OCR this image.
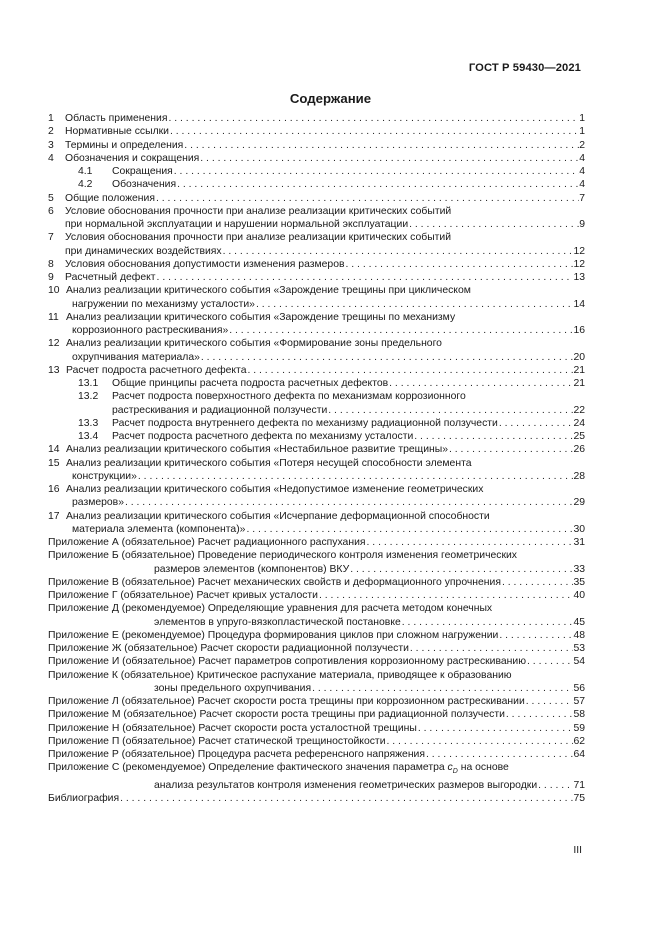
ГОСТ Р 59430—2021
Содержание
1	Область применения . . .	1
2	Нормативные ссылки . . .	1
3	Термины и определения . . .	2
4	Обозначения и сокращения . . .	4
4.1	Сокращения . . .	4
4.2	Обозначения . . .	4
5	Общие положения . . .	7
6	Условие обоснования прочности при анализе реализации критических событий
при нормальной эксплуатации и нарушении нормальной эксплуатации . . .	9
7	Условия обоснования прочности при анализе реализации критических событий
при динамических воздействиях . . .	12
8	Условия обоснования допустимости изменения размеров . . .	12
9	Расчетный дефект . . .	13
10 Анализ реализации критического события «Зарождение трещины при циклическом
нагружении по механизму усталости» . . .	14
11 Анализ реализации критического события «Зарождение трещины по механизму
коррозионного растрескивания» . . .	16
12 Анализ реализации критического события «Формирование зоны предельного
охрупчивания материала» . . .	20
13 Расчет подроста расчетного дефекта . . .	21
13.1	Общие принципы расчета подроста расчетных дефектов . . .	21
13.2	Расчет подроста поверхностного дефекта по механизмам коррозионного
растрескивания и радиационной ползучести . . .	22
13.3	Расчет подроста внутреннего дефекта по механизму радиационной ползучести . . .	24
13.4	Расчет подроста расчетного дефекта по механизму усталости . . .	25
14 Анализ реализации критического события «Нестабильное развитие трещины» . . .	26
15 Анализ реализации критического события «Потеря несущей способности элемента
конструкции» . . .	28
16 Анализ реализации критического события «Недопустимое изменение геометрических
размеров» . . .	29
17 Анализ реализации критического события «Исчерпание деформационной способности
материала элемента (компонента)» . . .	30
Приложение А (обязательное) Расчет радиационного распухания . . .	31
Приложение Б (обязательное) Проведение периодического контроля изменения геометрических
размеров элементов (компонентов) ВКУ . . .	33
Приложение В (обязательное) Расчет механических свойств и деформационного упрочнения . . .	35
Приложение Г (обязательное) Расчет кривых усталости . . .	40
Приложение Д (рекомендуемое) Определяющие уравнения для расчета методом конечных
элементов в упруго-вязкопластической постановке . . .	45
Приложение Е (рекомендуемое) Процедура формирования циклов при сложном нагружении . . .	48
Приложение Ж (обязательное) Расчет скорости радиационной ползучести . . .	53
Приложение И (обязательное) Расчет параметров сопротивления коррозионному растрескиванию . . .	54
Приложение К (обязательное) Критическое распухание материала, приводящее к образованию
зоны предельного охрупчивания . . .	56
Приложение Л (обязательное) Расчет скорости роста трещины при коррозионном растрескивании . . .	57
Приложение М (обязательное) Расчет скорости роста трещины при радиационной ползучести . . .	58
Приложение Н (обязательное) Расчет скорости роста усталостной трещины . . .	59
Приложение П (обязательное) Расчет статической трещиностойкости . . .	62
Приложение Р (обязательное) Процедура расчета референсного напряжения . . .	64
Приложение С (рекомендуемое) Определение фактического значения параметра $c_D$ на основе
анализа результатов контроля изменения геометрических размеров выгородки . . .	71
Библиография . . .	75
III
